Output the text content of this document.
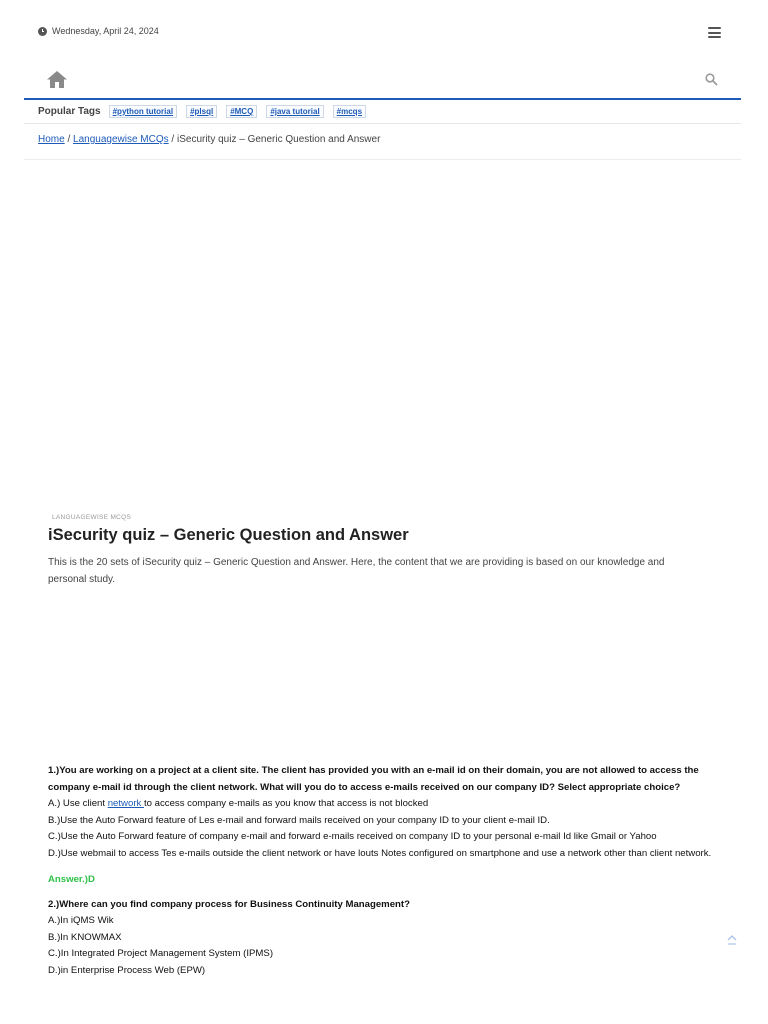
Wednesday, April 24, 2024
Popular Tags	#python tutorial	#plsql	#MCQ	#java tutorial	#mcqs
Home / Languagewise MCQs / iSecurity quiz – Generic Question and Answer
LANGUAGEWISE MCQS
iSecurity quiz – Generic Question and Answer

This is the 20 sets of iSecurity quiz – Generic Question and Answer. Here, the content that we are providing is based on our knowledge and personal study.

1.)You are working on a project at a client site. The client has provided you with an e-mail id on their domain, you are not allowed to access the company e-mail id through the client network. What will you do to access e-mails received on our company ID? Select appropriate choice?
A.) Use client network to access company e-mails as you know that access is not blocked
B.)Use the Auto Forward feature of Les e-mail and forward mails received on your company ID to your client e-mail ID.
C.)Use the Auto Forward feature of company e-mail and forward e-mails received on company ID to your personal e-mail Id like Gmail or Yahoo
D.)Use webmail to access Tes e-mails outside the client network or have louts Notes configured on smartphone and use a network other than client network.
Answer.)D
2.)Where can you find company process for Business Continuity Management?
A.)In iQMS Wik
B.)In KNOWMAX
C.)In Integrated Project Management System (IPMS)
D.)in Enterprise Process Web (EPW)
